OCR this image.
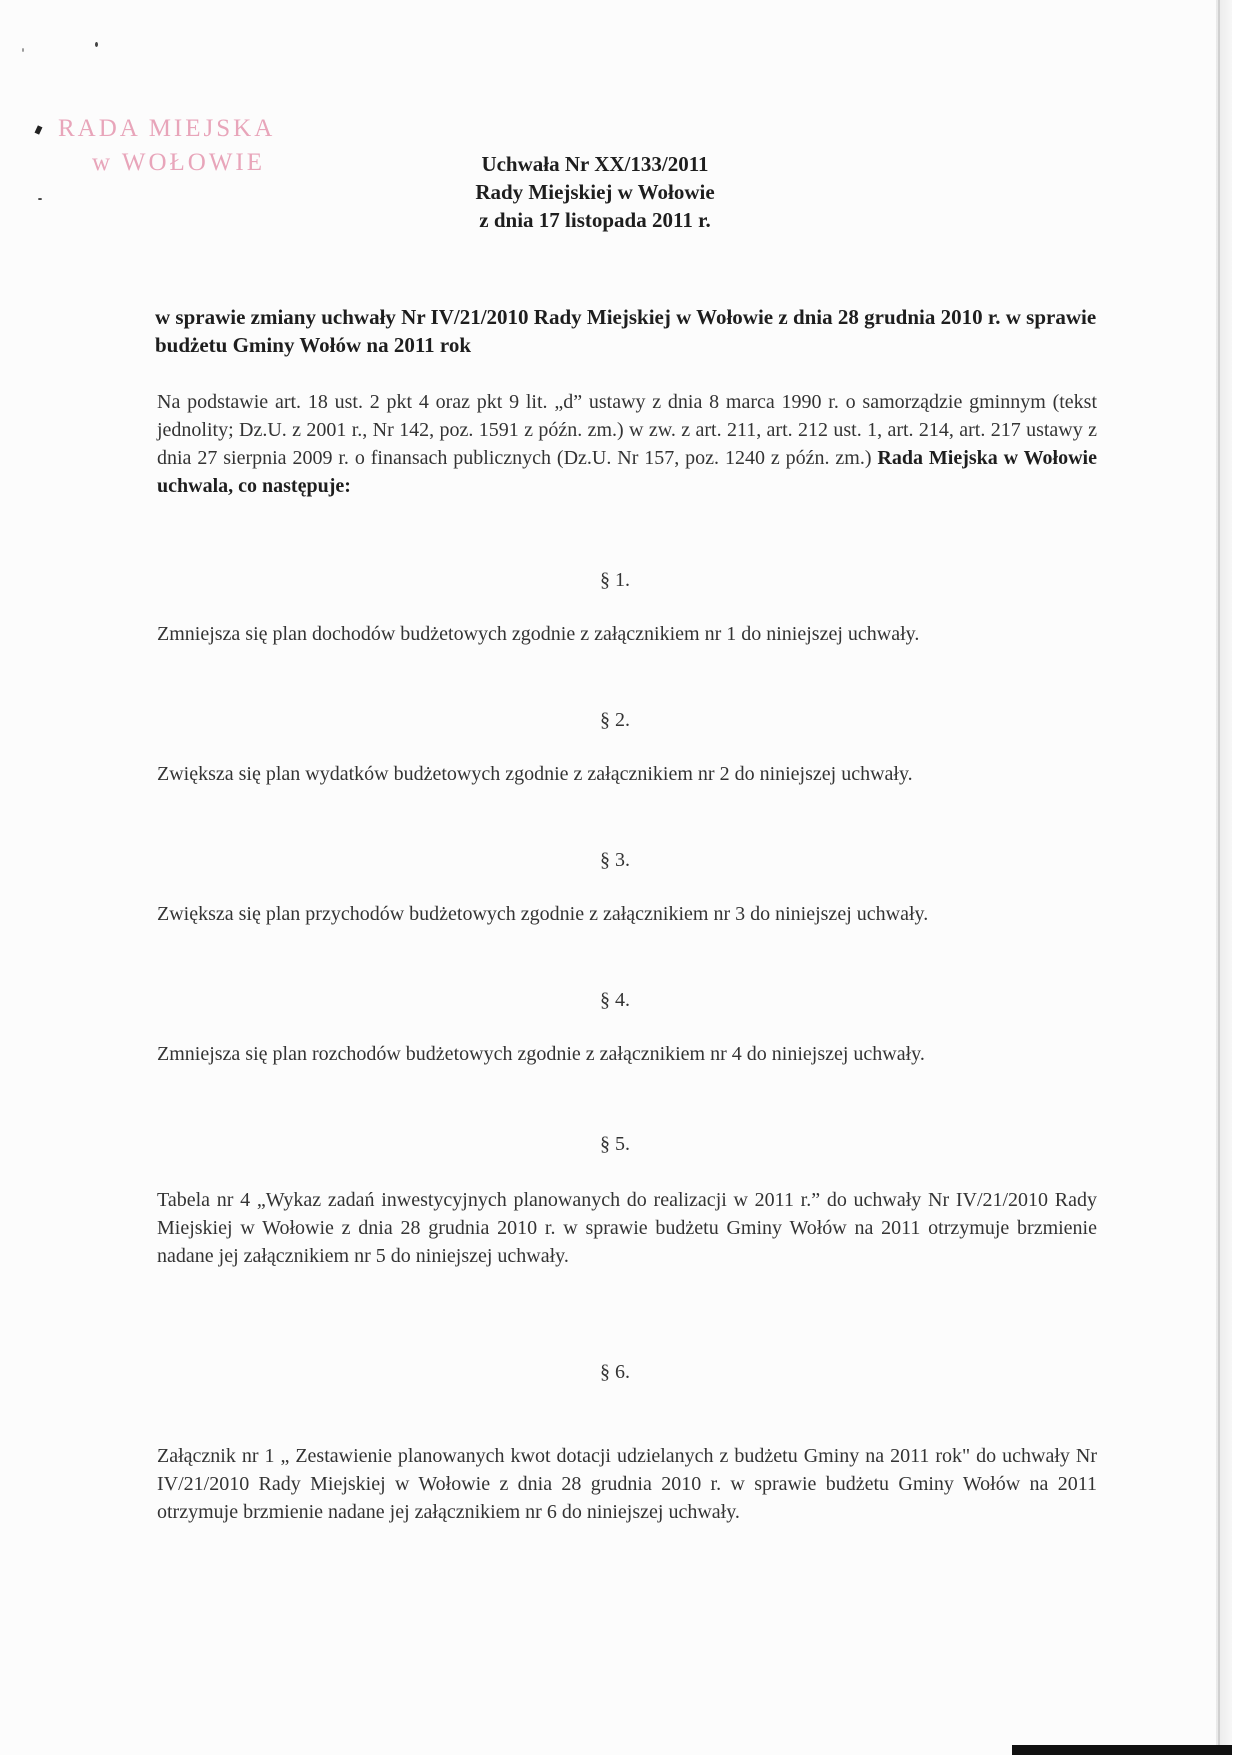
RADA MIEJSKA
w WOŁOWIE	Uchwała Nr XX/133/2011
Rady Miejskiej w Wołowie
z dnia 17 listopada 2011 r.
w sprawie zmiany uchwały Nr IV/21/2010 Rady Miejskiej w Wołowie z dnia 28 grudnia 2010 r. w sprawie budżetu Gminy Wołów na 2011 rok
Na podstawie art. 18 ust. 2 pkt 4 oraz pkt 9 lit. „d” ustawy z dnia 8 marca 1990 r. o samorządzie gminnym (tekst jednolity; Dz.U. z 2001 r., Nr 142, poz. 1591 z późn. zm.) w zw. z art. 211, art. 212 ust. 1, art. 214, art. 217 ustawy z dnia 27 sierpnia 2009 r. o finansach publicznych (Dz.U. Nr 157, poz. 1240 z późn. zm.) Rada Miejska w Wołowie uchwala, co następuje:
§ 1.
Zmniejsza się plan dochodów budżetowych zgodnie z załącznikiem nr 1 do niniejszej uchwały.
§ 2.
Zwiększa się plan wydatków budżetowych zgodnie z załącznikiem nr 2 do niniejszej uchwały.
§ 3.
Zwiększa się plan przychodów budżetowych zgodnie z załącznikiem nr 3 do niniejszej uchwały.
§ 4.
Zmniejsza się plan rozchodów budżetowych zgodnie z załącznikiem nr 4 do niniejszej uchwały.
§ 5.
Tabela nr 4 „Wykaz zadań inwestycyjnych planowanych do realizacji w 2011 r.” do uchwały Nr IV/21/2010 Rady Miejskiej w Wołowie z dnia 28 grudnia 2010 r. w sprawie budżetu Gminy Wołów na 2011 otrzymuje brzmienie nadane jej załącznikiem nr 5 do niniejszej uchwały.
§ 6.
Załącznik nr 1 „ Zestawienie planowanych kwot dotacji udzielanych z budżetu Gminy na 2011 rok" do uchwały Nr IV/21/2010 Rady Miejskiej w Wołowie z dnia 28 grudnia 2010 r. w sprawie budżetu Gminy Wołów na 2011 otrzymuje brzmienie nadane jej załącznikiem nr 6 do niniejszej uchwały.
